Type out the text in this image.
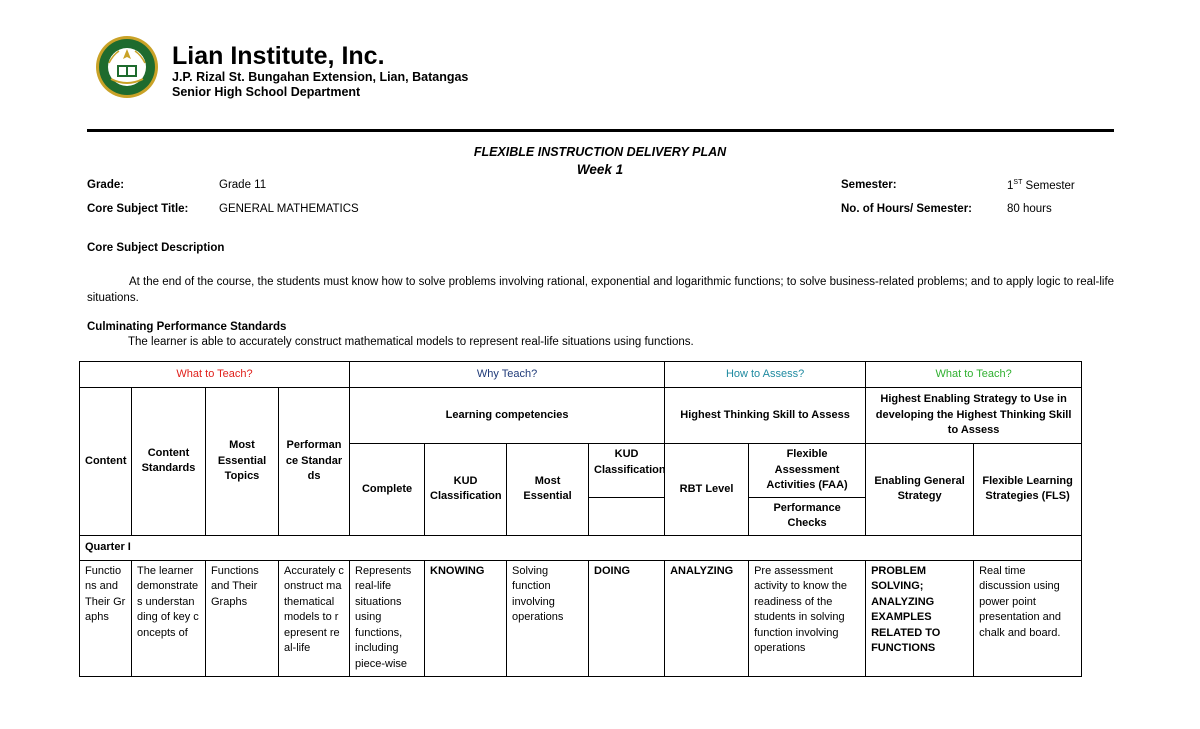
Lian Institute, Inc.
J.P. Rizal St. Bungahan Extension, Lian, Batangas
Senior High School Department
FLEXIBLE INSTRUCTION DELIVERY PLAN
Week 1
Grade:	Grade 11	Semester:	1ST Semester
Core Subject Title:	GENERAL MATHEMATICS	No. of Hours/ Semester:	80 hours
Core Subject Description
At the end of the course, the students must know how to solve problems involving rational, exponential and logarithmic functions; to solve business-related problems; and to apply logic to real-life situations.
Culminating Performance Standards
The learner is able to accurately construct mathematical models to represent real-life situations using functions.
What to Teach?				Why Teach?				How to Assess?		What to Teach?	
Content	Content Standards	Most Essential Topics	Performance Standards	Learning competencies				Highest Thinking Skill to Assess		Highest Enabling Strategy to Use in developing the Highest Thinking Skill to Assess	
				Complete	KUD Classification	Most Essential	KUD Classification	RBT Level	Flexible Assessment Activities (FAA)	Enabling General Strategy	Flexible Learning Strategies (FLS)
									Performance Checks		
Quarter I											
Functions and Their Graphs	The learner demonstrates understanding of key concepts of	Functions and Their Graphs	Accurately construct mathematical models to represent real-life	Represents real-life situations using functions, including piece-wise	KNOWING	Solving function involving operations	DOING	ANALYZING	Pre assessment activity to know the readiness of the students in solving function involving operations	PROBLEM SOLVING; ANALYZING EXAMPLES RELATED TO FUNCTIONS	Real time discussion using power point presentation and chalk and board.
